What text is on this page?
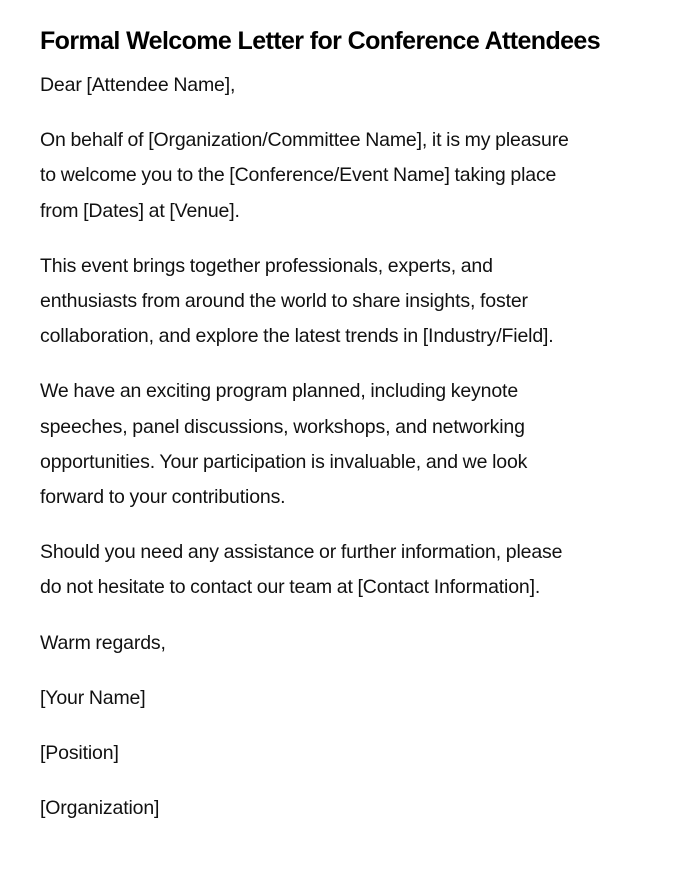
Formal Welcome Letter for Conference Attendees

Dear [Attendee Name],

On behalf of [Organization/Committee Name], it is my pleasure
to welcome you to the [Conference/Event Name] taking place
from [Dates] at [Venue].

This event brings together professionals, experts, and
enthusiasts from around the world to share insights, foster
collaboration, and explore the latest trends in [Industry/Field].

We have an exciting program planned, including keynote
speeches, panel discussions, workshops, and networking
opportunities. Your participation is invaluable, and we look
forward to your contributions.

Should you need any assistance or further information, please
do not hesitate to contact our team at [Contact Information].

Warm regards,

[Your Name]

[Position]

[Organization]
